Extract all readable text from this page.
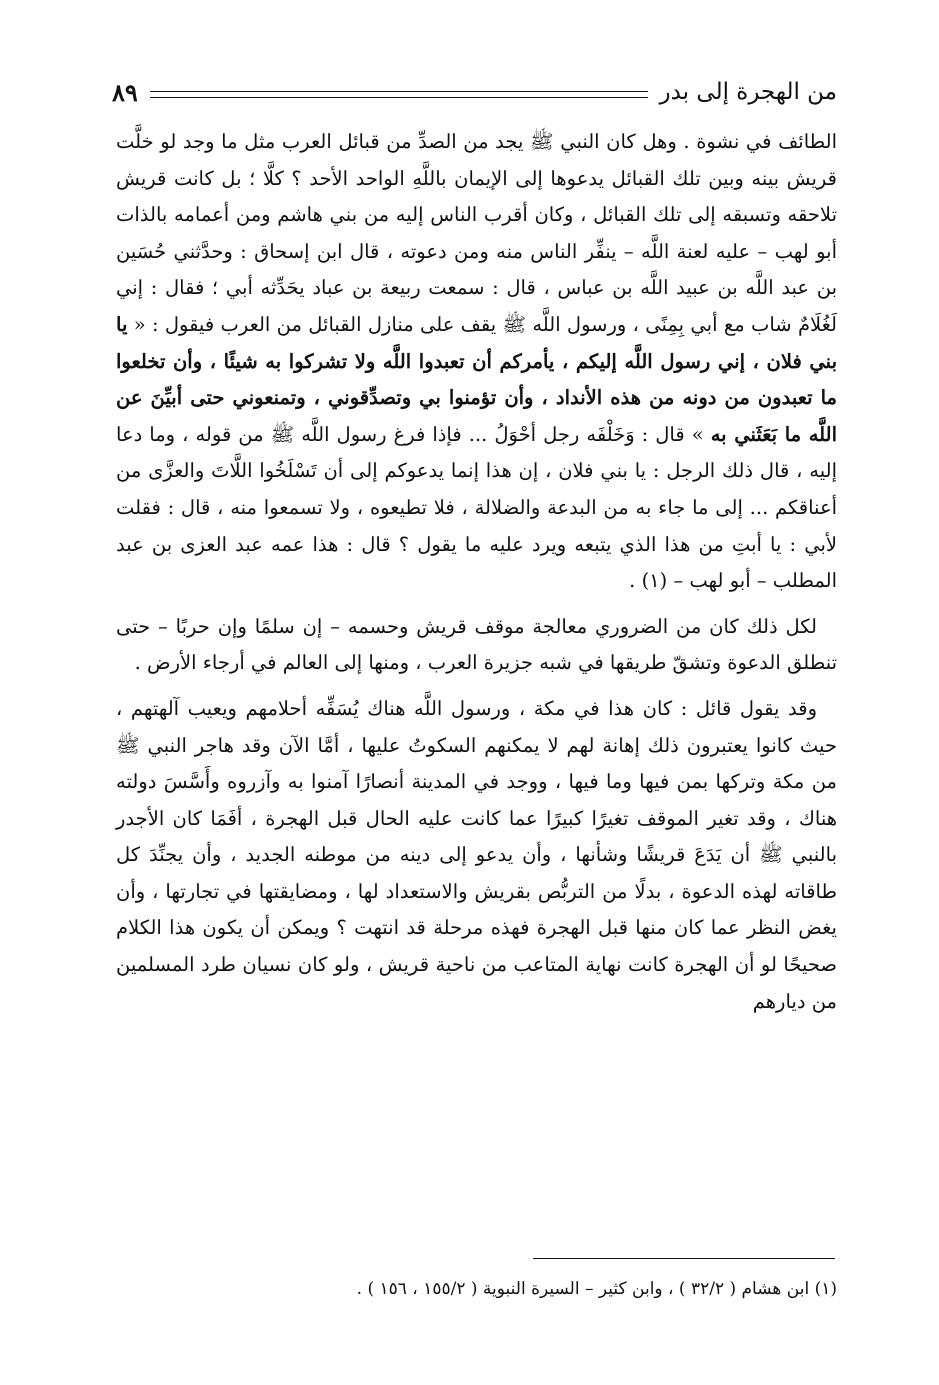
من الهجرة إلى بدر
٨٩

الطائف في نشوة . وهل كان النبي ﷺ يجد من الصدِّ من قبائل العرب مثل ما وجد لو خلَّت قريش بينه وبين تلك القبائل يدعوها إلى الإيمان باللَّهِ الواحد الأحد ؟ كلَّا ؛ بل كانت قريش تلاحقه وتسبقه إلى تلك القبائل ، وكان أقرب الناس إليه من بني هاشم ومن أعمامه بالذات أبو لهب – عليه لعنة اللَّه – ينفِّر الناس منه ومن دعوته ، قال ابن إسحاق : وحدَّثني حُسَين بن عبد اللَّه بن عبيد اللَّه بن عباس ، قال : سمعت ربيعة بن عباد يحَدِّثه أبي ؛ فقال : إني لَغُلَامٌ شاب مع أبي بِمِنًى ، ورسول اللَّه ﷺ يقف على منازل القبائل من العرب فيقول : « يا بني فلان ، إني رسول اللَّه إليكم ، يأمركم أن تعبدوا اللَّه ولا تشركوا به شيئًا ، وأن تخلعوا ما تعبدون من دونه من هذه الأنداد ، وأن تؤمنوا بي وتصدِّقوني ، وتمنعوني حتى أبيِّنَ عن اللَّه ما بَعَثَني به » قال : وَخَلْفَه رجل أحْوَلُ ... فإذا فرغ رسول اللَّه ﷺ من قوله ، وما دعا إليه ، قال ذلك الرجل : يا بني فلان ، إن هذا إنما يدعوكم إلى أن تَسْلَخُوا اللَّاتَ والعزَّى من أعناقكم ... إلى ما جاء به من البدعة والضلالة ، فلا تطيعوه ، ولا تسمعوا منه ، قال : فقلت لأبي : يا أبتِ من هذا الذي يتبعه ويرد عليه ما يقول ؟ قال : هذا عمه عبد العزى بن عبد المطلب – أبو لهب – (١) .

لكل ذلك كان من الضروري معالجة موقف قريش وحسمه – إن سلمًا وإن حربًا – حتى تنطلق الدعوة وتشقّ طريقها في شبه جزيرة العرب ، ومنها إلى العالم في أرجاء الأرض .

وقد يقول قائل : كان هذا في مكة ، ورسول اللَّه هناك يُسَفِّه أحلامهم ويعيب آلهتهم ، حيث كانوا يعتبرون ذلك إهانة لهم لا يمكنهم السكوتُ عليها ، أمَّا الآن وقد هاجر النبي ﷺ من مكة وتركها بمن فيها وما فيها ، ووجد في المدينة أنصارًا آمنوا به وآزروه وأَسَّسَ دولته هناك ، وقد تغير الموقف تغيرًا كبيرًا عما كانت عليه الحال قبل الهجرة ، أفَمَا كان الأجدر بالنبي ﷺ أن يَدَعَ قريشًا وشأنها ، وأن يدعو إلى دينه من موطنه الجديد ، وأن يجنِّدَ كل طاقاته لهذه الدعوة ، بدلًا من التربُّص بقريش والاستعداد لها ، ومضايقتها في تجارتها ، وأن يغض النظر عما كان منها قبل الهجرة فهذه مرحلة قد انتهت ؟ ويمكن أن يكون هذا الكلام صحيحًا لو أن الهجرة كانت نهاية المتاعب من ناحية قريش ، ولو كان نسيان طرد المسلمين من ديارهم

(١) ابن هشام ( ٣٢/٢ ) ، وابن كثير – السيرة النبوية ( ١٥٥/٢ ، ١٥٦ ) .
